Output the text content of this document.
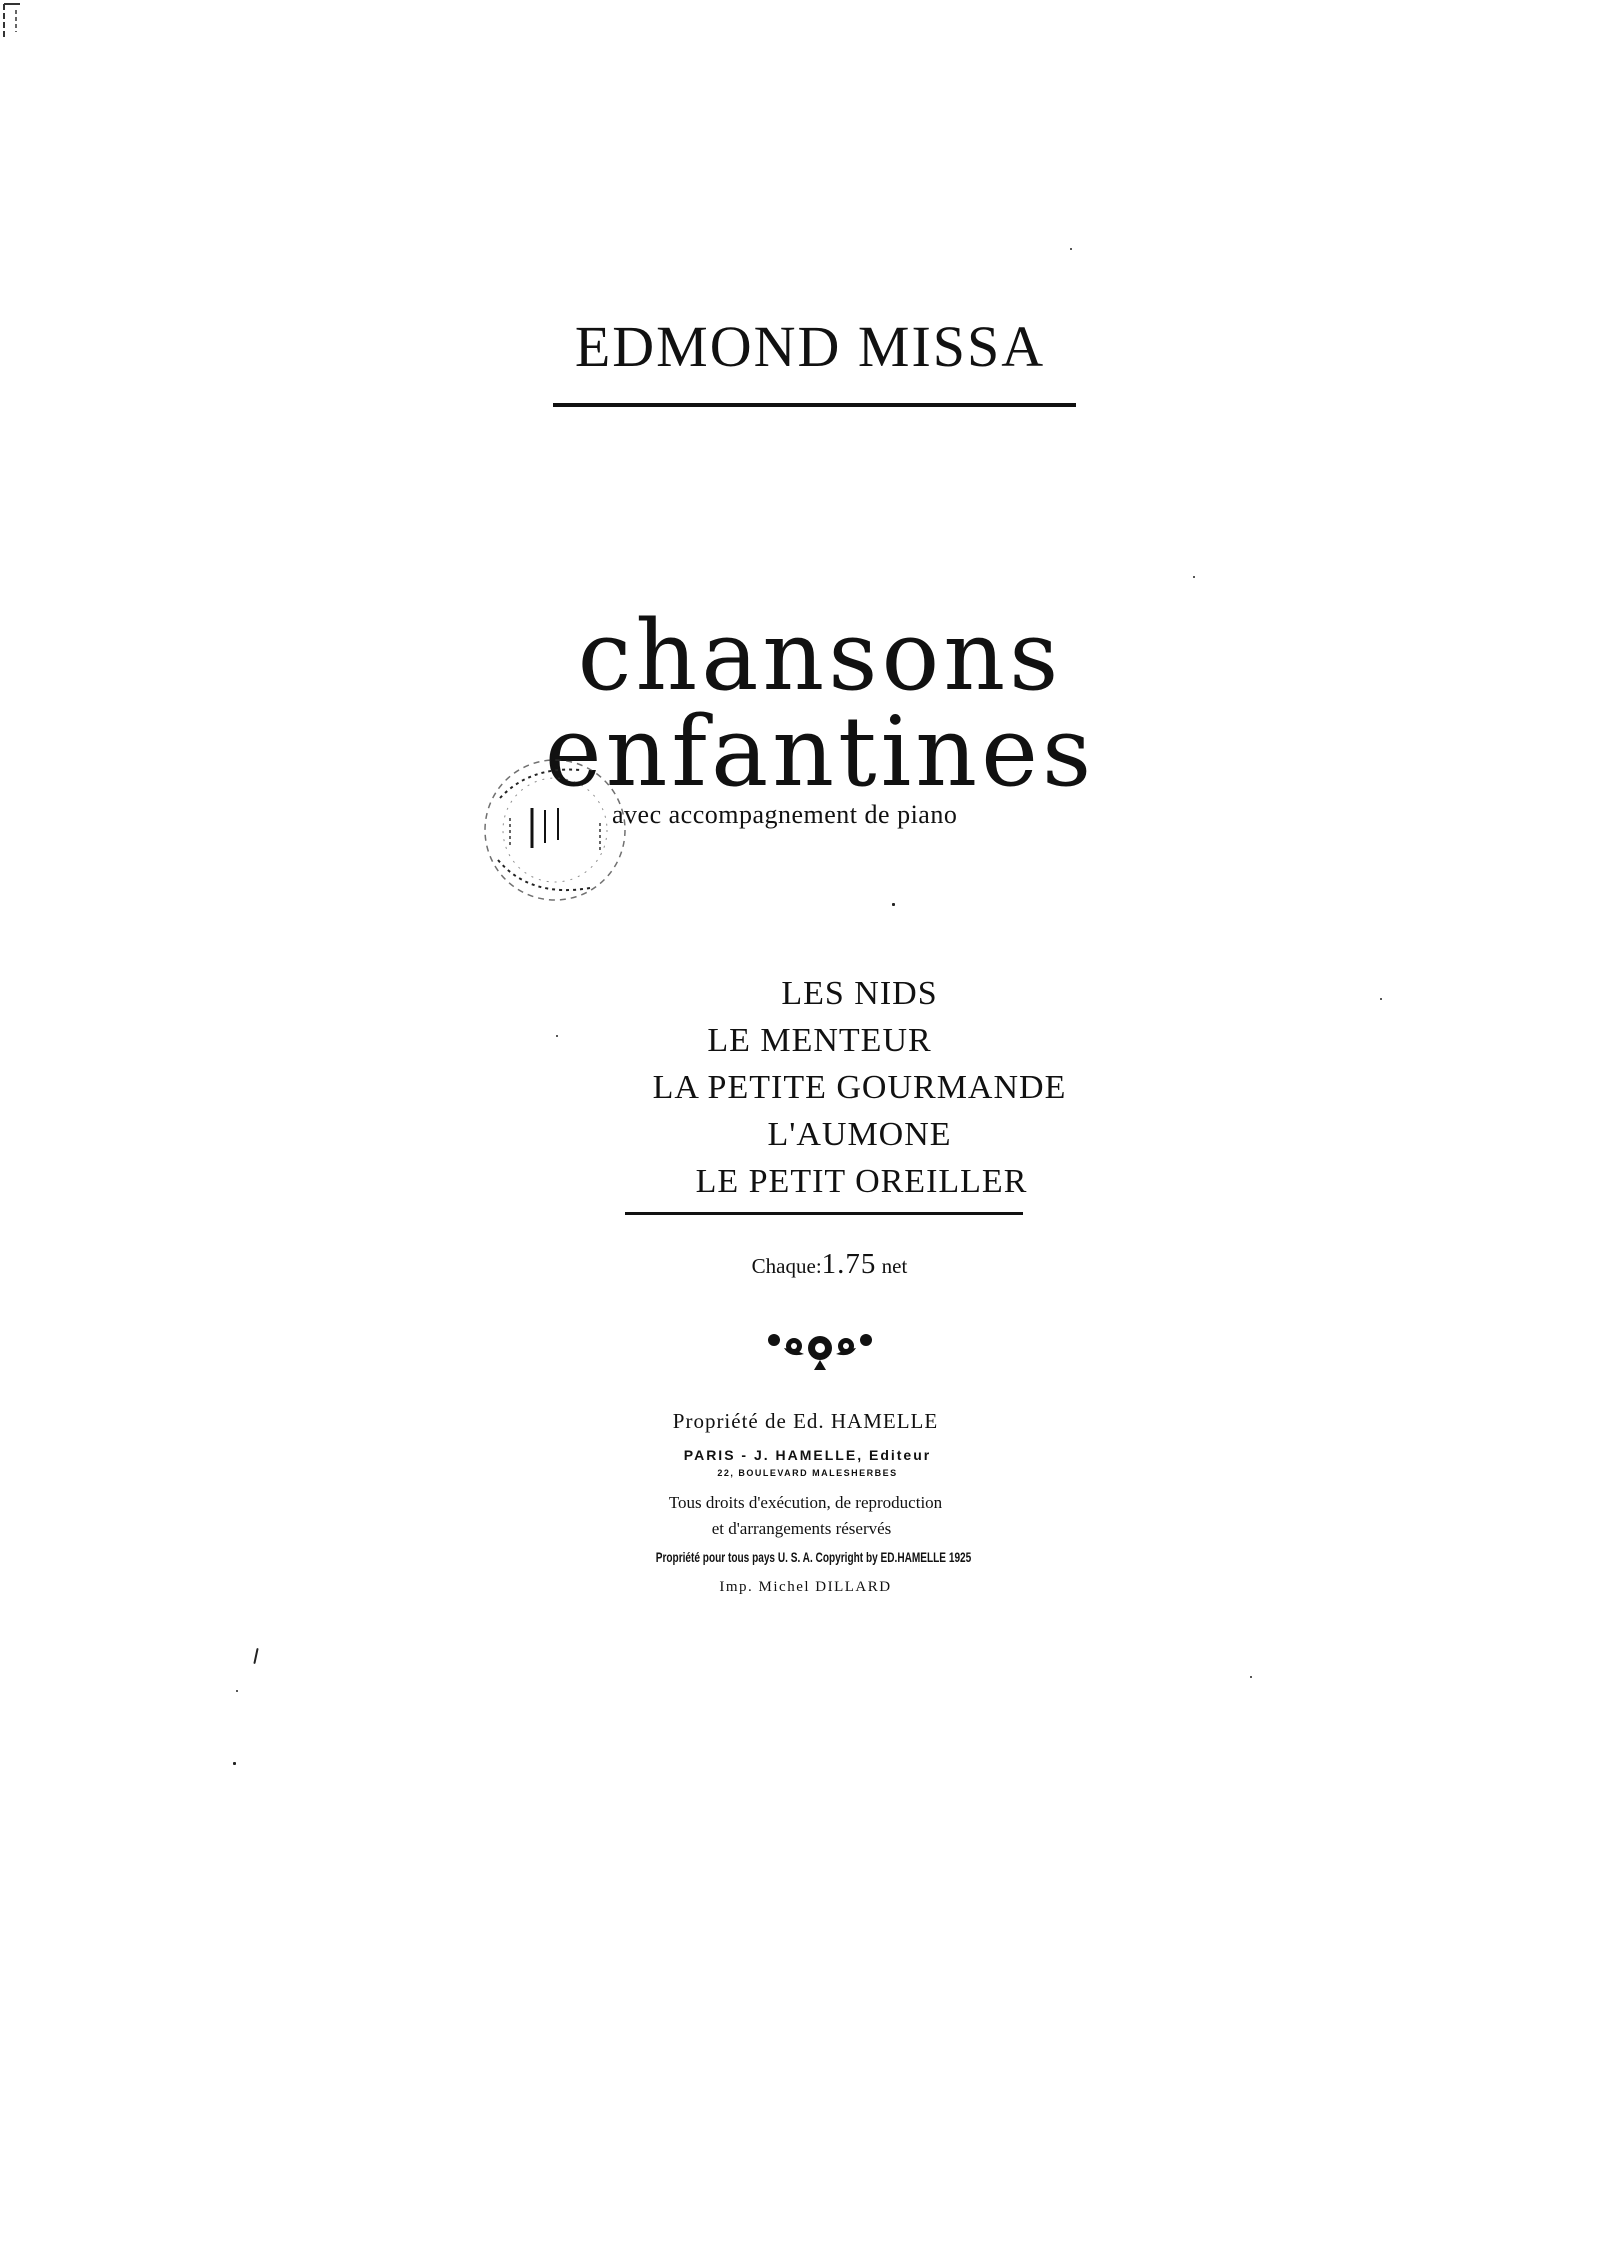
EDMOND MISSA
chansons enfantines
avec accompagnement de piano
LES NIDS
LE MENTEUR
LA PETITE GOURMANDE
L'AUMONE
LE PETIT OREILLER
Chaque:1.75 net
Propriété de Ed. HAMELLE
PARIS - J. HAMELLE, Editeur
22, BOULEVARD MALESHERBES
Tous droits d'exécution, de reproduction
et d'arrangements réservés
Propriété pour tous pays U. S. A. Copyright by ED.HAMELLE 1925
Imp. Michel DILLARD
